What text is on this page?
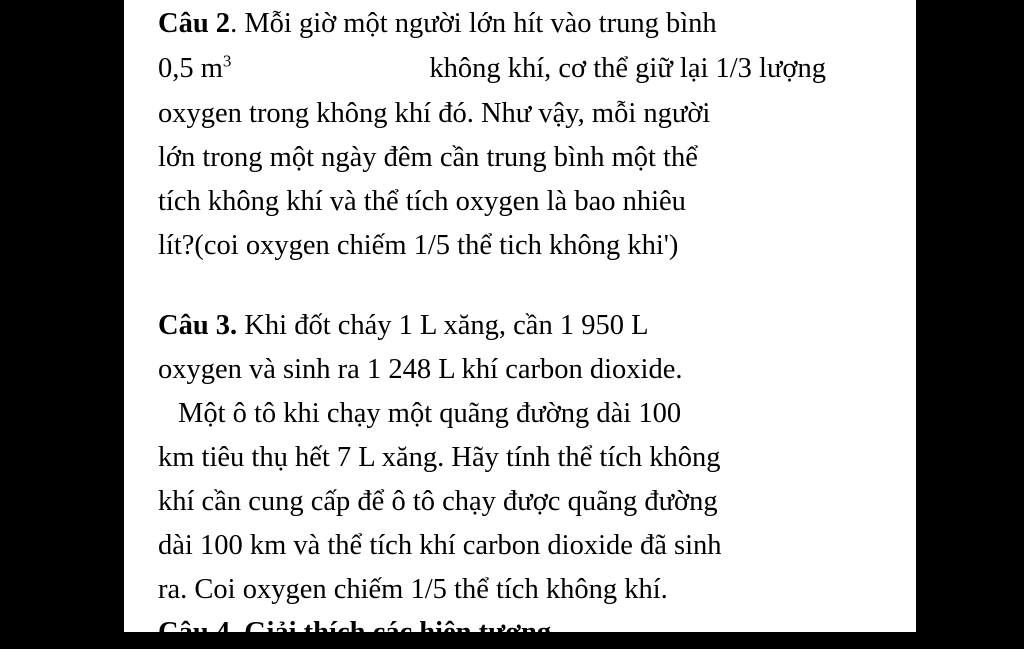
Câu 2. Mỗi giờ một người lớn hít vào trung bình
0,5 $m^3$	không khí, cơ thể giữ lại 1/3 lượng
oxygen trong không khí đó. Như vậy, mỗi người
lớn trong một ngày đêm cần trung bình một thể
tích không khí và thể tích oxygen là bao nhiêu
lít?(coi oxygen chiếm 1/5 thể tich không khi')
Câu 3. Khi đốt cháy 1 L xăng, cần 1 950 L
oxygen và sinh ra 1 248 L khí carbon dioxide.
Một ô tô khi chạy một quãng đường dài 100
km tiêu thụ hết 7 L xăng. Hãy tính thể tích không
khí cần cung cấp để ô tô chạy được quãng đường
dài 100 km và thể tích khí carbon dioxide đã sinh
ra. Coi oxygen chiếm 1/5 thể tích không khí.
Câu 4. Giải thích các hiện tượng
